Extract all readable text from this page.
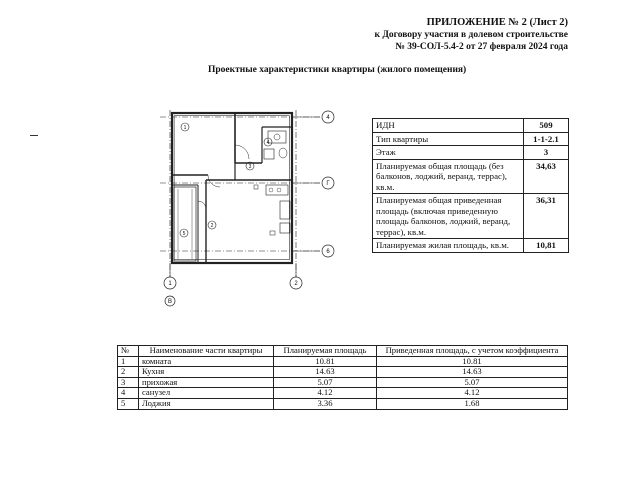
ПРИЛОЖЕНИЕ № 2 (Лист 2)
к Договору участия в долевом строительстве
№ 39-СОЛ-5.4-2 от 27 февраля 2024 года
Проектные характеристики квартиры (жилого помещения)
4
Г
6
1	2
В
1
4
2
3
5
ИДН	509
Тип квартиры	1-1-2.1
Этаж	3
Планируемая общая площадь (без балконов, лоджий, веранд, террас), кв.м.	34,63
Планируемая общая приведенная площадь (включая приведенную площадь балконов, лоджий, веранд, террас), кв.м.	36,31
Планируемая жилая площадь, кв.м.	10,81
№	Наименование части квартиры	Планируемая площадь	Приведенная площадь, с учетом коэффициента
1	комната	10.81	10.81
2	Кухня	14.63	14.63
3	прихожая	5.07	5.07
4	санузел	4.12	4.12
5	Лоджия	3.36	1.68
